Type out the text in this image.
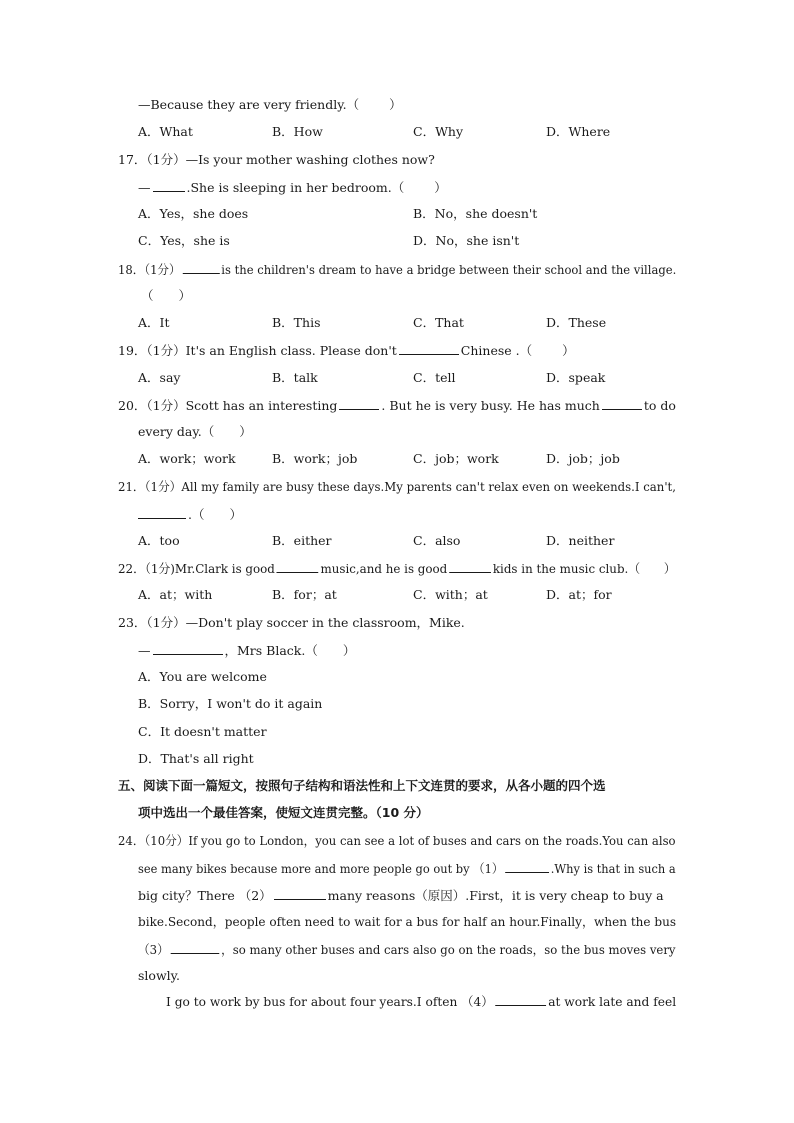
—Because they are very friendly.（ ）
A．What	B．How	C．Why	D．Where
17．（1分）—Is your mother washing clothes now?
—	.She is sleeping in her bedroom.（ ）
A．Yes，she does	B．No，she doesn't
C．Yes，she is	D．No，she isn't
18．（1分）	is the children's dream to have a bridge between their school and the village.
（　　）
A．It	B．This	C．That	D．These
19．（1分）It's an English class. Please don't	Chinese .（ ）
A．say	B．talk	C．tell	D．speak
20．（1分）Scott has an interesting	. But he is very busy. He has much	to do
every day.（　　）
A．work；work	B．work；job	C．job；work	D．job；job
21．（1分）All my family are busy these days.My parents can't relax even on weekends.I can't,
.（　　）
A．too	B．either	C．also	D．neither
22．（1分)Mr.Clark is good	music,and he is good	kids in the music club.（　　）
A．at；with	B．for；at	C．with；at	D．at；for
23．（1分）—Don't play soccer in the classroom，Mike.
—	，Mrs Black.（　　）
A．You are welcome
B．Sorry，I won't do it again
C．It doesn't matter
D．That's all right
五、阅读下面一篇短文，按照句子结构和语法性和上下文连贯的要求，从各小题的四个选
项中选出一个最佳答案，使短文连贯完整。（10 分）
24．（10分）If you go to London，you can see a lot of buses and cars on the roads.You can also
see many bikes because more and more people go out by （1）	.Why is that in such a
big city？There （2）	many reasons（原因）.First，it is very cheap to buy a
bike.Second，people often need to wait for a bus for half an hour.Finally，when the bus
（3）	，so many other buses and cars also go on the roads，so the bus moves very
slowly.
I go to work by bus for about four years.I often （4）	at work late and feel
